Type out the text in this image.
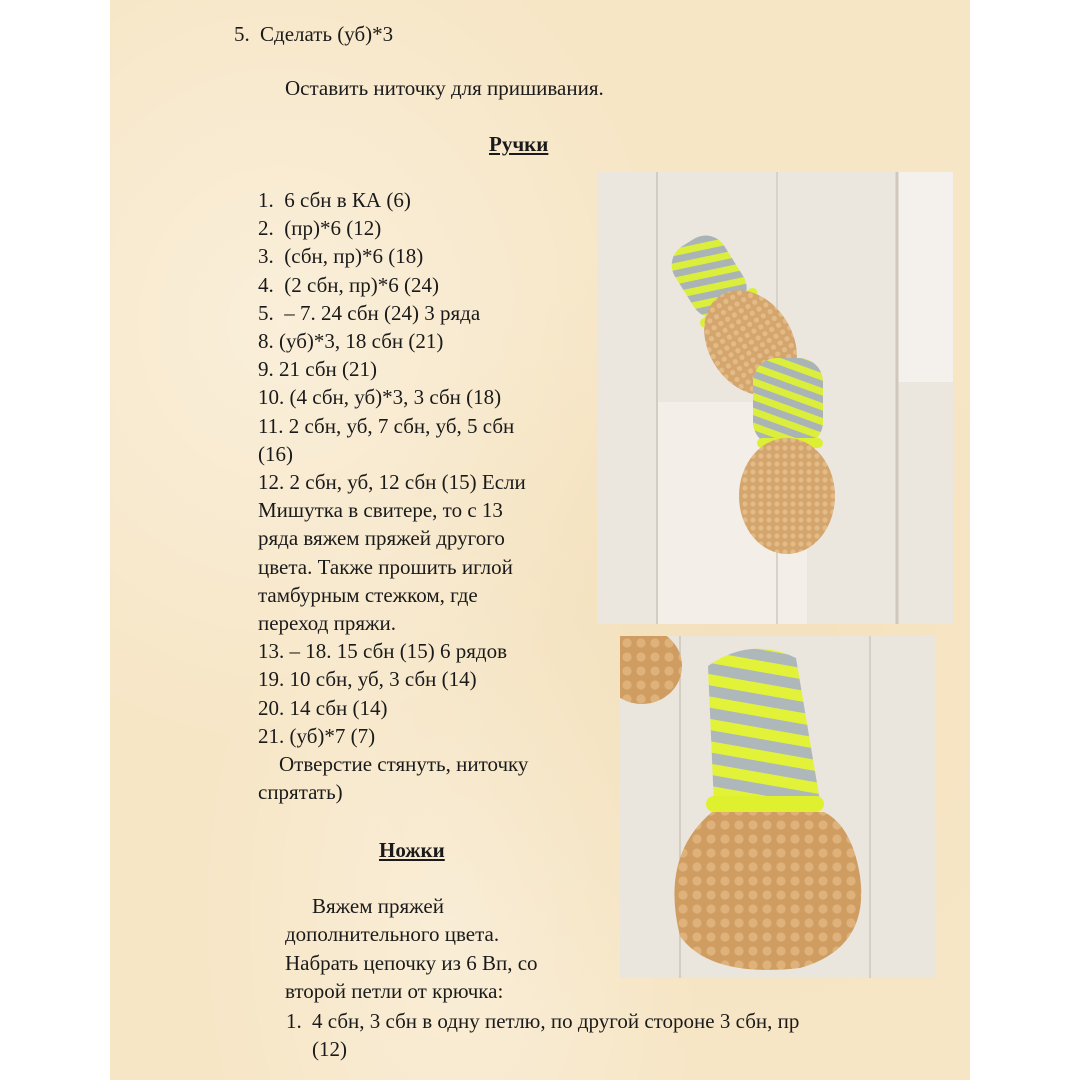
5. Сделать (уб)*3
Оставить ниточку для пришивания.
Ручки
1.  6 сбн в КА (6)
2.  (пр)*6 (12)
3.  (сбн, пр)*6 (18)
4.  (2 сбн, пр)*6 (24)
5.  – 7. 24 сбн (24) 3 ряда
8. (уб)*3, 18 сбн (21)
9. 21 сбн (21)
10. (4 сбн, уб)*3, 3 сбн (18)
11. 2 сбн, уб, 7 сбн, уб, 5 сбн
(16)
12. 2 сбн, уб, 12 сбн (15) Если
Мишутка в свитере, то с 13
ряда вяжем пряжей другого
цвета. Также прошить иглой
тамбурным стежком, где
переход пряжи.
13. – 18. 15 сбн (15) 6 рядов
19. 10 сбн, уб, 3 сбн (14)
20. 14 сбн (14)
21. (уб)*7 (7)
Отверстие стянуть, ниточку
спрятать)
Ножки
Вяжем пряжей
дополнительного цвета.
Набрать цепочку из 6 Вп, со
второй петли от крючка:
1. 4 сбн, 3 сбн в одну петлю, по другой стороне 3 сбн, пр
(12)
